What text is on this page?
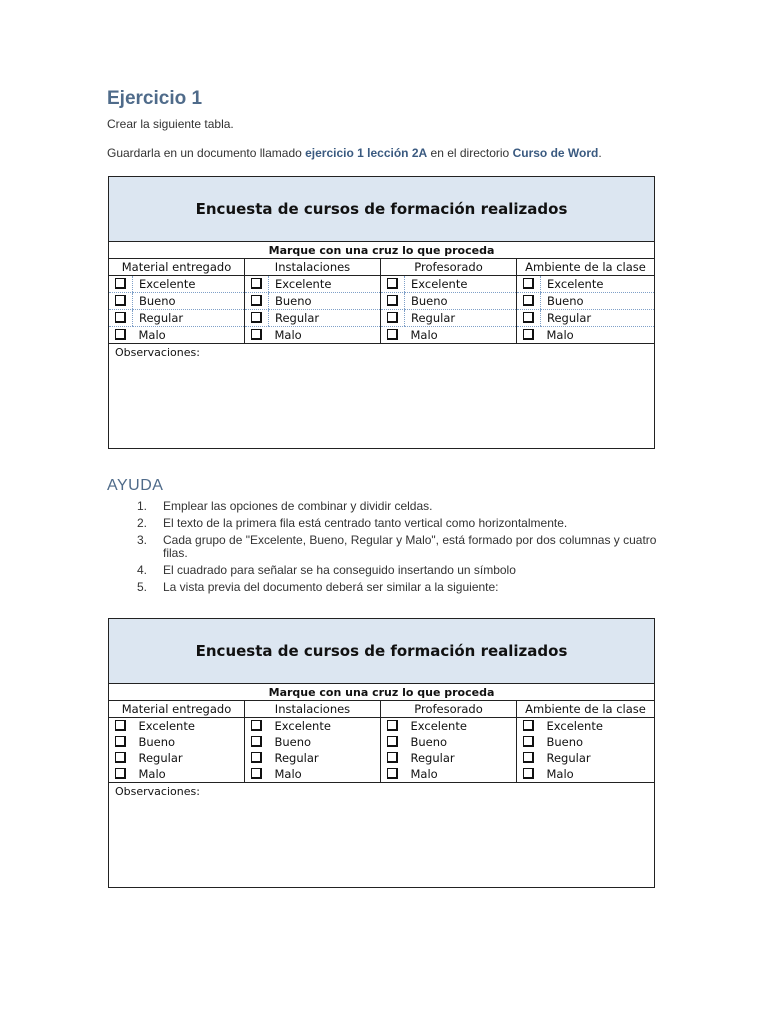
Ejercicio 1
Crear la siguiente tabla.
Guardarla en un documento llamado ejercicio 1 lección 2A en el directorio Curso de Word.
Encuesta de cursos de formación realizados							
Marque con una cruz lo que proceda							
Material entregado		Instalaciones		Profesorado		Ambiente de la clase	
	Excelente		Excelente		Excelente		Excelente
	Bueno		Bueno		Bueno		Bueno
	Regular		Regular		Regular		Regular
	Malo		Malo		Malo		Malo
Observaciones:							
AYUDA
1. Emplear las opciones de combinar y dividir celdas.
2. El texto de la primera fila está centrado tanto vertical como horizontalmente.
3. Cada grupo de "Excelente, Bueno, Regular y Malo", está formado por dos columnas y cuatro filas.
4. El cuadrado para señalar se ha conseguido insertando un símbolo
5. La vista previa del documento deberá ser similar a la siguiente:
Encuesta de cursos de formación realizados							
Marque con una cruz lo que proceda							
Material entregado		Instalaciones		Profesorado		Ambiente de la clase	
	Excelente		Excelente		Excelente		Excelente
	Bueno		Bueno		Bueno		Bueno
	Regular		Regular		Regular		Regular
	Malo		Malo		Malo		Malo
Observaciones:							
